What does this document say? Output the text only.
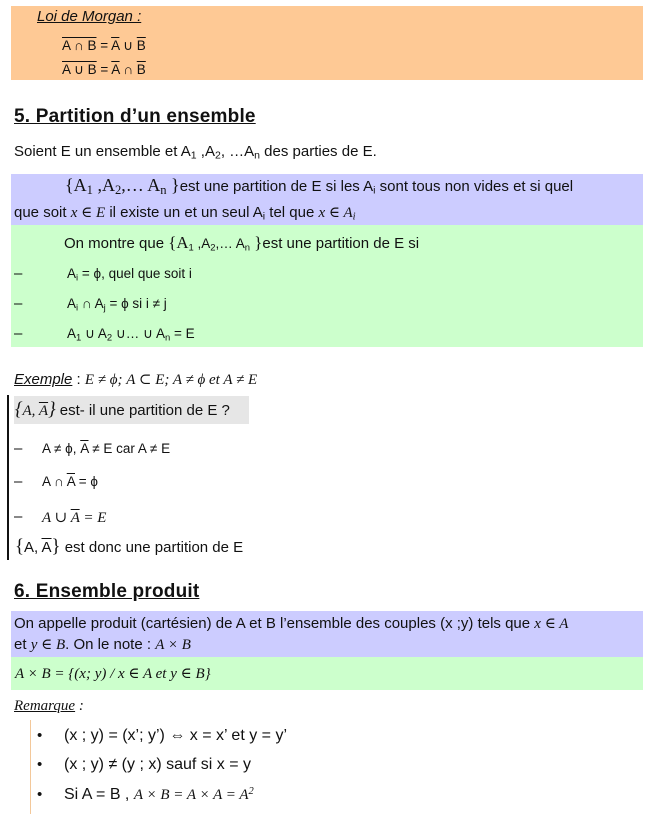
Loi de Morgan :
A ∩ $B = \overline{A}$ ∪ $\overline{B}$
A ∪ $B = \overline{A}$ ∩ $\overline{B}$
5. Partition d’un ensemble
Soient E un ensemble et $A_1$ $,A_2$, $\dots A_n$ des parties de E.
{$A_1$ $,A_2,\dots$ $A_n$ }est une partition de E si les $A_i$ sont tous non vides et si quel
que soit x ∈ E il existe un et un seul $A_i$ tel que x ∈ $A_i$
On montre que {$A_1$ $,A_2,\dots$ $A_n$ }est une partition de E si
–	$A_i = \phi$, quel que soit i
–	$A_i$ ∩ $A_j = \phi$ si i ≠ j
–	$A_1$ ∪ $A_2$ ∪… ∪ $A_n = E$
Exemple : E ≠ ϕ; A ⊂ E; A ≠ ϕ et A ≠ E
{A, $\overline{A}$} est- il une partition de E ?
– A ≠ ϕ, $\overline{A} \ne E$ car A ≠ E
– A ∩ $\overline{A} = \phi$
– A ∪ $\overline{A} = E$
{A, $\overline{A}$} est donc une partition de E
6. Ensemble produit
On appelle produit (cartésien) de A et B l’ensemble des couples (x ;y) tels que x ∈ A
et y ∈ B. On le note : A × B
A × B = {(x; y) / x ∈ A et y ∈ B}
Remarque :
• (x ; y) = (x’; y’) ⇔ x = x’ et y = y’
• (x ; y) ≠ (y ; x) sauf si x = y
• Si A = B , $A \times B = A \times A = A^2$
